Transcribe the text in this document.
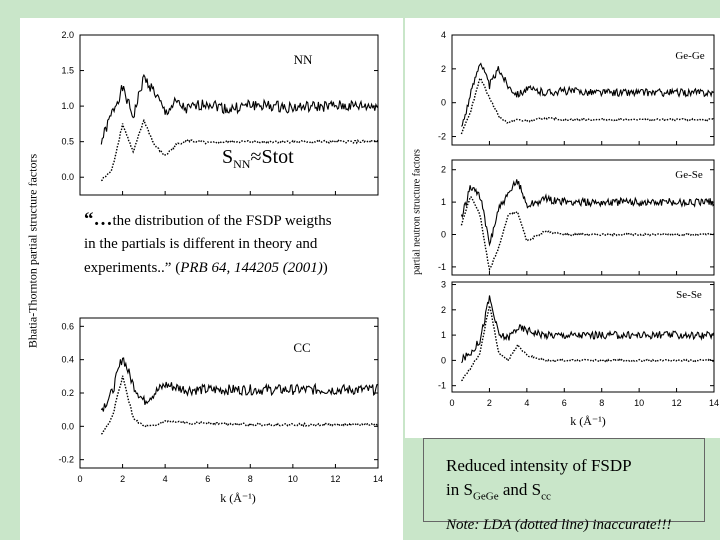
0.0
0.5
1.0
1.5
2.0
NN
-0.2
0.0
0.2
0.4
0.6
0	2	4	6	8	10	12	14
k (Å⁻¹)
CC
-2
0
2
4
Ge-Ge
-1
0
1
2	Ge-Se
-1
0
1
2
3
0	2	4	6	8	10	12	14
k (Å⁻¹)
Se-Se
Bhatia-Thornton partial structure factors	partial neutron structure factors
$S_{NN}\approx Stot$
“…the distribution of the FSDP weigths
in the partials is different in theory and
experiments..” (PRB 64, 144205 (2001))
Reduced intensity of FSDP
in $S_{GeGe}$ and $S_{cc}$
Note: LDA (dotted line) inaccurate!!!
